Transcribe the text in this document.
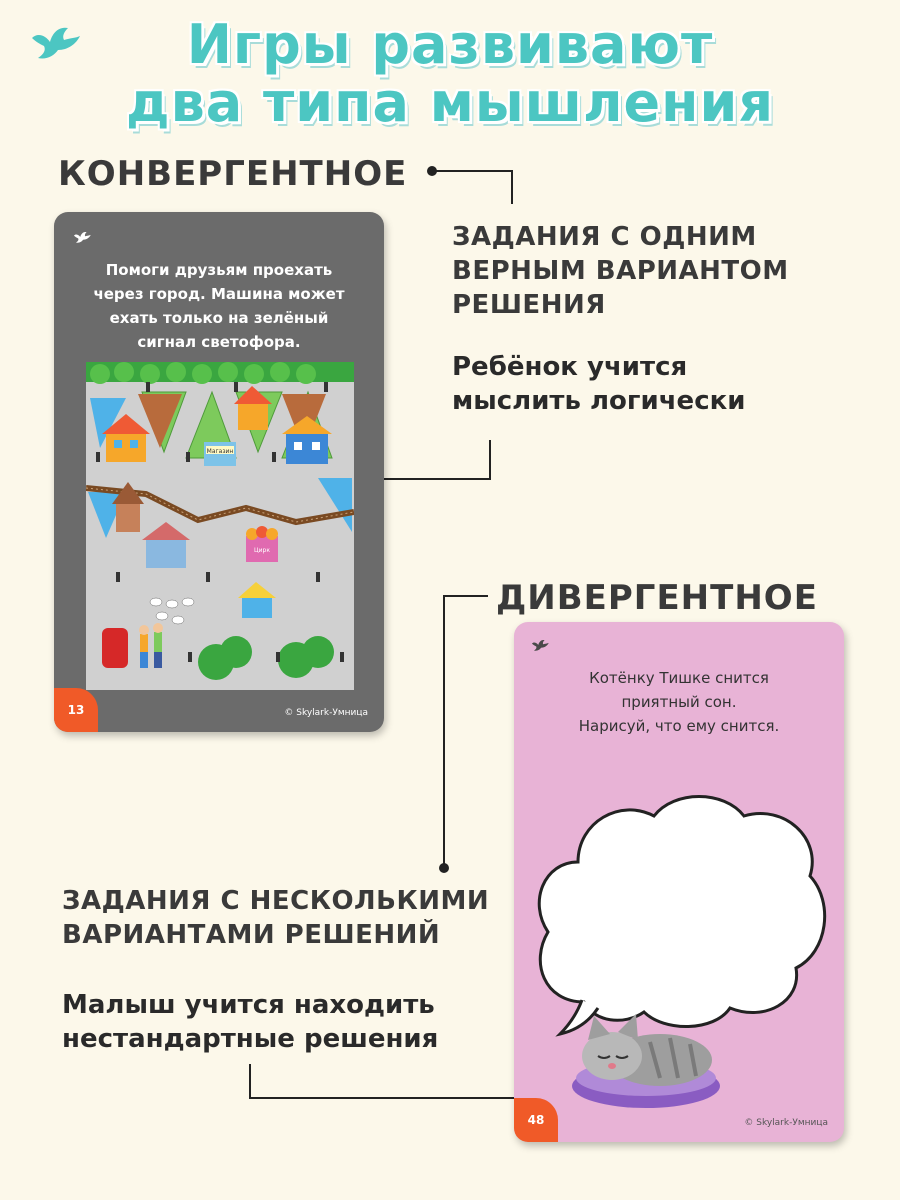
Игры развивают
два типа мышления
КОНВЕРГЕНТНОЕ
ЗАДАНИЯ С ОДНИМ
ВЕРНЫМ ВАРИАНТОМ
РЕШЕНИЯ
Ребёнок учится
мыслить логически
Помоги друзьям проехать
через город. Машина может
ехать только на зелёный
сигнал светофора.
Магазин
Цирк
13	© Skylark-Умница
ДИВЕРГЕНТНОЕ
Котёнку Тишке снится
приятный сон.
Нарисуй, что ему снится.
48	© Skylark-Умница
ЗАДАНИЯ С НЕСКОЛЬКИМИ
ВАРИАНТАМИ РЕШЕНИЙ
Малыш учится находить
нестандартные решения
